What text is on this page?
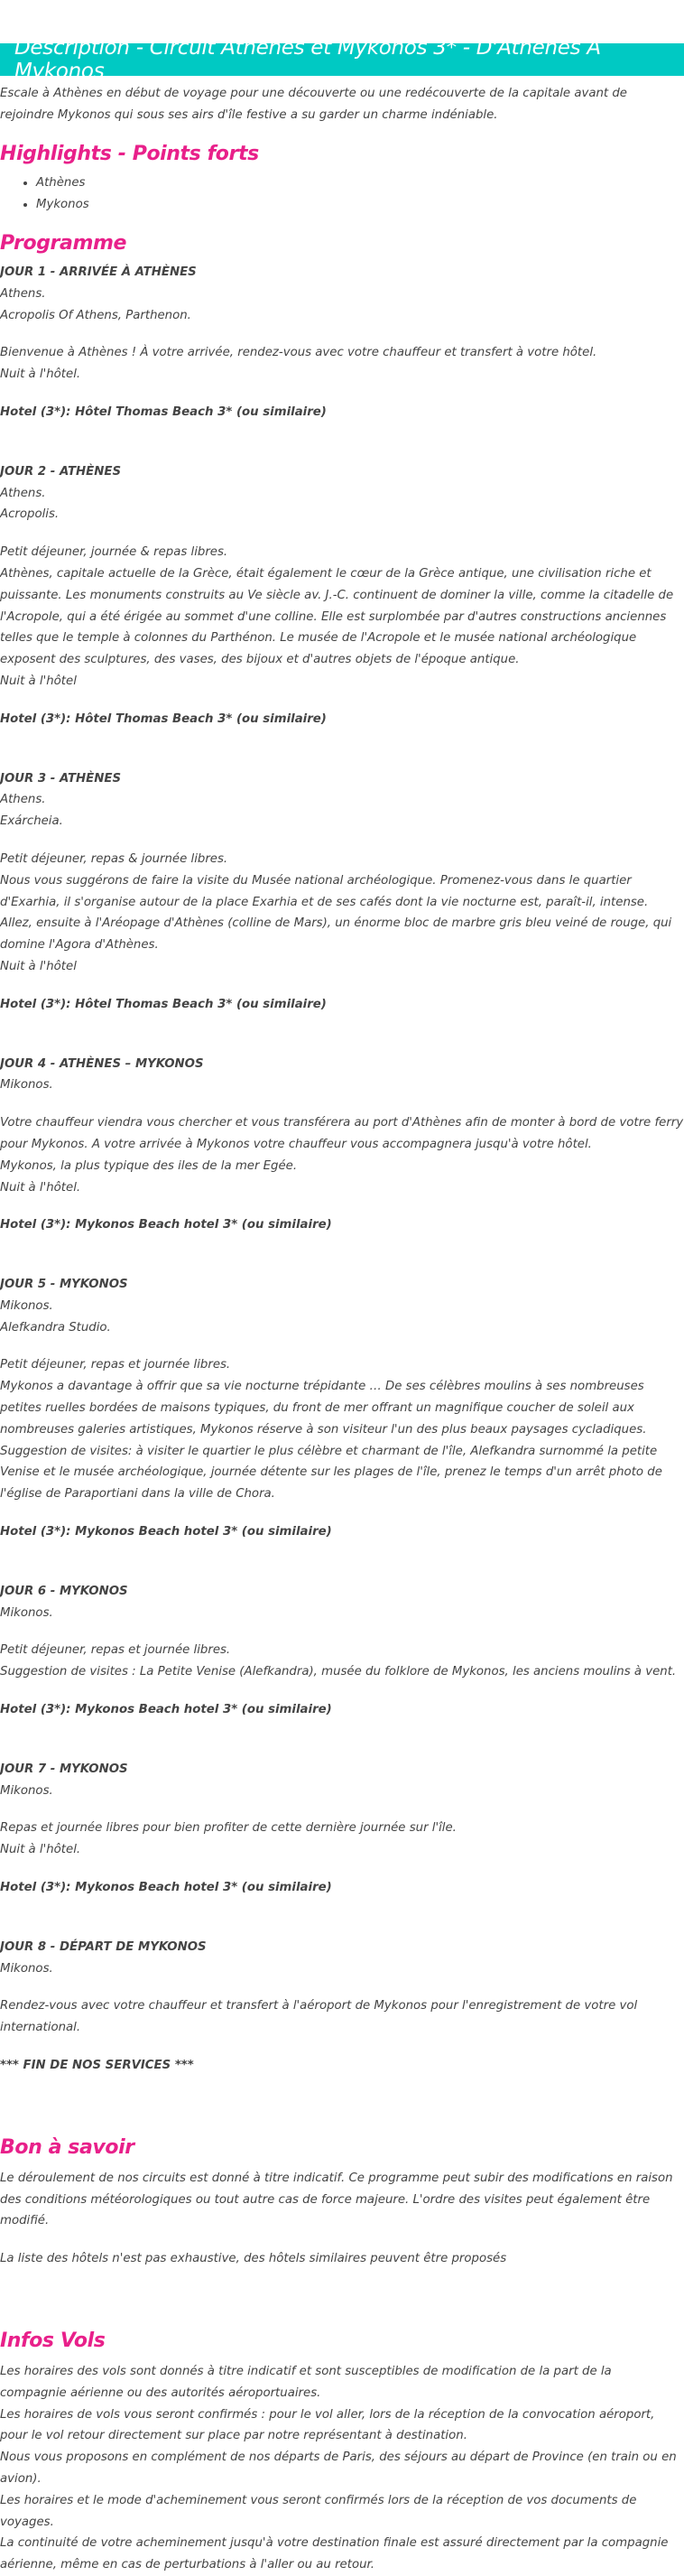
Description - Circuit Athenes et Mykonos 3* - D'Athènes A Mykonos

Escale à Athènes en début de voyage pour une découverte ou une redécouverte de la capitale avant de rejoindre Mykonos qui sous ses airs d'île festive a su garder un charme indéniable.

Highlights - Points forts
• Athènes
• Mykonos
Programme

JOUR 1 - ARRIVÉE À ATHÈNES

Athens.

Acropolis Of Athens, Parthenon.

Bienvenue à Athènes ! À votre arrivée, rendez-vous avec votre chauffeur et transfert à votre hôtel.

Nuit à l'hôtel.

Hotel (3*): Hôtel Thomas Beach 3* (ou similaire)

JOUR 2 - ATHÈNES

Athens.

Acropolis.

Petit déjeuner, journée & repas libres.

Athènes, capitale actuelle de la Grèce, était également le cœur de la Grèce antique, une civilisation riche et puissante. Les monuments construits au Ve siècle av. J.-C. continuent de dominer la ville, comme la citadelle de l'Acropole, qui a été érigée au sommet d'une colline. Elle est surplombée par d'autres constructions anciennes telles que le temple à colonnes du Parthénon. Le musée de l'Acropole et le musée national archéologique exposent des sculptures, des vases, des bijoux et d'autres objets de l'époque antique.

Nuit à l'hôtel

Hotel (3*): Hôtel Thomas Beach 3* (ou similaire)

JOUR 3 - ATHÈNES

Athens.

Exárcheia.

Petit déjeuner, repas & journée libres.

Nous vous suggérons de faire la visite du Musée national archéologique. Promenez-vous dans le quartier d'Exarhia, il s'organise autour de la place Exarhia et de ses cafés dont la vie nocturne est, paraît-il, intense. Allez, ensuite à l'Aréopage d'Athènes (colline de Mars), un énorme bloc de marbre gris bleu veiné de rouge, qui domine l'Agora d'Athènes.

Nuit à l'hôtel

Hotel (3*): Hôtel Thomas Beach 3* (ou similaire)

JOUR 4 - ATHÈNES – MYKONOS

Mikonos.

Votre chauffeur viendra vous chercher et vous transférera au port d'Athènes afin de monter à bord de votre ferry pour Mykonos. A votre arrivée à Mykonos votre chauffeur vous accompagnera jusqu'à votre hôtel.

Mykonos, la plus typique des iles de la mer Egée.

Nuit à l'hôtel.

Hotel (3*): Mykonos Beach hotel 3* (ou similaire)

JOUR 5 - MYKONOS

Mikonos.

Alefkandra Studio.

Petit déjeuner, repas et journée libres.

Mykonos a davantage à offrir que sa vie nocturne trépidante … De ses célèbres moulins à ses nombreuses petites ruelles bordées de maisons typiques, du front de mer offrant un magnifique coucher de soleil aux nombreuses galeries artistiques, Mykonos réserve à son visiteur l'un des plus beaux paysages cycladiques. Suggestion de visites: à visiter le quartier le plus célèbre et charmant de l'île, Alefkandra surnommé la petite Venise et le musée archéologique, journée détente sur les plages de l'île, prenez le temps d'un arrêt photo de l'église de Paraportiani dans la ville de Chora.

Hotel (3*): Mykonos Beach hotel 3* (ou similaire)

JOUR 6 - MYKONOS

Mikonos.

Petit déjeuner, repas et journée libres.

Suggestion de visites : La Petite Venise (Alefkandra), musée du folklore de Mykonos, les anciens moulins à vent.

Hotel (3*): Mykonos Beach hotel 3* (ou similaire)

JOUR 7 - MYKONOS

Mikonos.

Repas et journée libres pour bien profiter de cette dernière journée sur l'île.

Nuit à l'hôtel.

Hotel (3*): Mykonos Beach hotel 3* (ou similaire)

JOUR 8 - DÉPART DE MYKONOS

Mikonos.

Rendez-vous avec votre chauffeur et transfert à l'aéroport de Mykonos pour l'enregistrement de votre vol international.

*** FIN DE NOS SERVICES ***

Bon à savoir

Le déroulement de nos circuits est donné à titre indicatif. Ce programme peut subir des modifications en raison des conditions météorologiques ou tout autre cas de force majeure. L'ordre des visites peut également être modifié.

La liste des hôtels n'est pas exhaustive, des hôtels similaires peuvent être proposés

Infos Vols

Les horaires des vols sont donnés à titre indicatif et sont susceptibles de modification de la part de la compagnie aérienne ou des autorités aéroportuaires.

Les horaires de vols vous seront confirmés : pour le vol aller, lors de la réception de la convocation aéroport, pour le vol retour directement sur place par notre représentant à destination.

Nous vous proposons en complément de nos départs de Paris, des séjours au départ de Province (en train ou en avion).

Les horaires et le mode d'acheminement vous seront confirmés lors de la réception de vos documents de voyages.

La continuité de votre acheminement jusqu'à votre destination finale est assuré directement par la compagnie aérienne, même en cas de perturbations à l'aller ou au retour.
